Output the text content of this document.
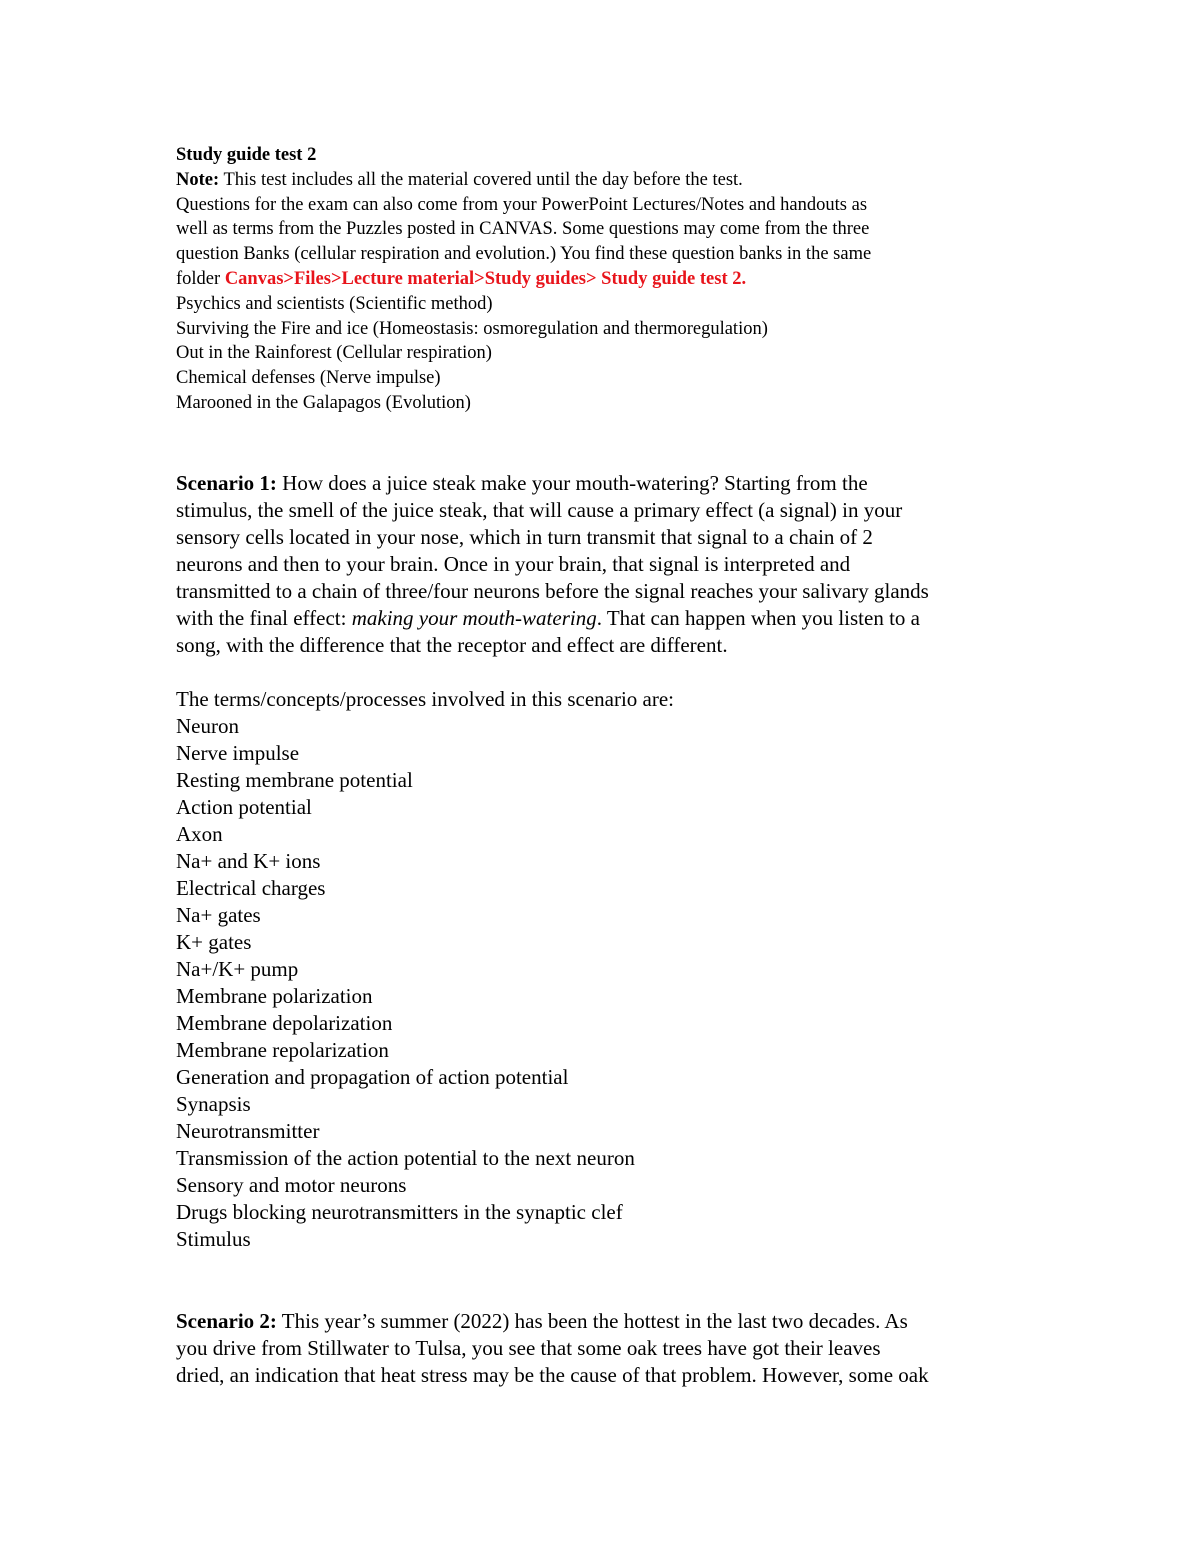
Study guide test 2
Note: This test includes all the material covered until the day before the test.
Questions for the exam can also come from your PowerPoint Lectures/Notes and handouts as
well as terms from the Puzzles posted in CANVAS. Some questions may come from the three
question Banks (cellular respiration and evolution.) You find these question banks in the same
folder Canvas>Files>Lecture material>Study guides> Study guide test 2.
Psychics and scientists (Scientific method)
Surviving the Fire and ice (Homeostasis: osmoregulation and thermoregulation)
Out in the Rainforest (Cellular respiration)
Chemical defenses (Nerve impulse)
Marooned in the Galapagos (Evolution)
Scenario 1: How does a juice steak make your mouth-watering? Starting from the
stimulus, the smell of the juice steak, that will cause a primary effect (a signal) in your
sensory cells located in your nose, which in turn transmit that signal to a chain of 2
neurons and then to your brain. Once in your brain, that signal is interpreted and
transmitted to a chain of three/four neurons before the signal reaches your salivary glands
with the final effect: making your mouth-watering. That can happen when you listen to a
song, with the difference that the receptor and effect are different.
The terms/concepts/processes involved in this scenario are:
Neuron
Nerve impulse
Resting membrane potential
Action potential
Axon
Na+ and K+ ions
Electrical charges
Na+ gates
K+ gates
Na+/K+ pump
Membrane polarization
Membrane depolarization
Membrane repolarization
Generation and propagation of action potential
Synapsis
Neurotransmitter
Transmission of the action potential to the next neuron
Sensory and motor neurons
Drugs blocking neurotransmitters in the synaptic clef
Stimulus
Scenario 2: This year’s summer (2022) has been the hottest in the last two decades. As
you drive from Stillwater to Tulsa, you see that some oak trees have got their leaves
dried, an indication that heat stress may be the cause of that problem. However, some oak
